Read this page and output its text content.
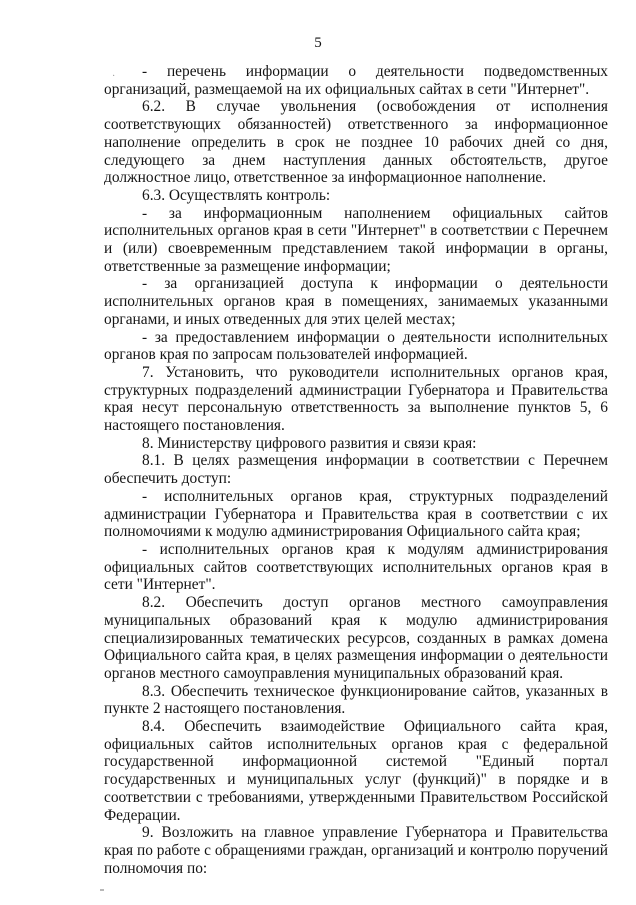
5
·	- перечень информации о деятельности подведомственных организаций, размещаемой на их официальных сайтах в сети "Интернет".

6.2. В случае увольнения (освобождения от исполнения соответствующих обязанностей) ответственного за информационное наполнение определить в срок не позднее 10 рабочих дней со дня, следующего за днем наступления данных обстоятельств, другое должностное лицо, ответственное за информационное наполнение.

6.3. Осуществлять контроль:

- за информационным наполнением официальных сайтов исполнительных органов края в сети "Интернет" в соответствии с Перечнем и (или) своевременным представлением такой информации в органы, ответственные за размещение информации;

- за организацией доступа к информации о деятельности исполнительных органов края в помещениях, занимаемых указанными органами, и иных отведенных для этих целей местах;

- за предоставлением информации о деятельности исполнительных органов края по запросам пользователей информацией.

7. Установить, что руководители исполнительных органов края, структурных подразделений администрации Губернатора и Правительства края несут персональную ответственность за выполнение пунктов 5, 6 настоящего постановления.

8. Министерству цифрового развития и связи края:

8.1. В целях размещения информации в соответствии с Перечнем обеспечить доступ:

- исполнительных органов края, структурных подразделений администрации Губернатора и Правительства края в соответствии с их полномочиями к модулю администрирования Официального сайта края;

- исполнительных органов края к модулям администрирования официальных сайтов соответствующих исполнительных органов края в сети "Интернет".

8.2. Обеспечить доступ органов местного самоуправления муниципальных образований края к модулю администрирования специализированных тематических ресурсов, созданных в рамках домена Официального сайта края, в целях размещения информации о деятельности органов местного самоуправления муниципальных образований края.

8.3. Обеспечить техническое функционирование сайтов, указанных в пункте 2 настоящего постановления.

8.4. Обеспечить взаимодействие Официального сайта края, официальных сайтов исполнительных органов края с федеральной государственной информационной системой "Единый портал государственных и муниципальных услуг (функций)" в порядке и в соответствии с требованиями, утвержденными Правительством Российской Федерации.

9. Возложить на главное управление Губернатора и Правительства края по работе с обращениями граждан, организаций и контролю поручений полномочия по:
